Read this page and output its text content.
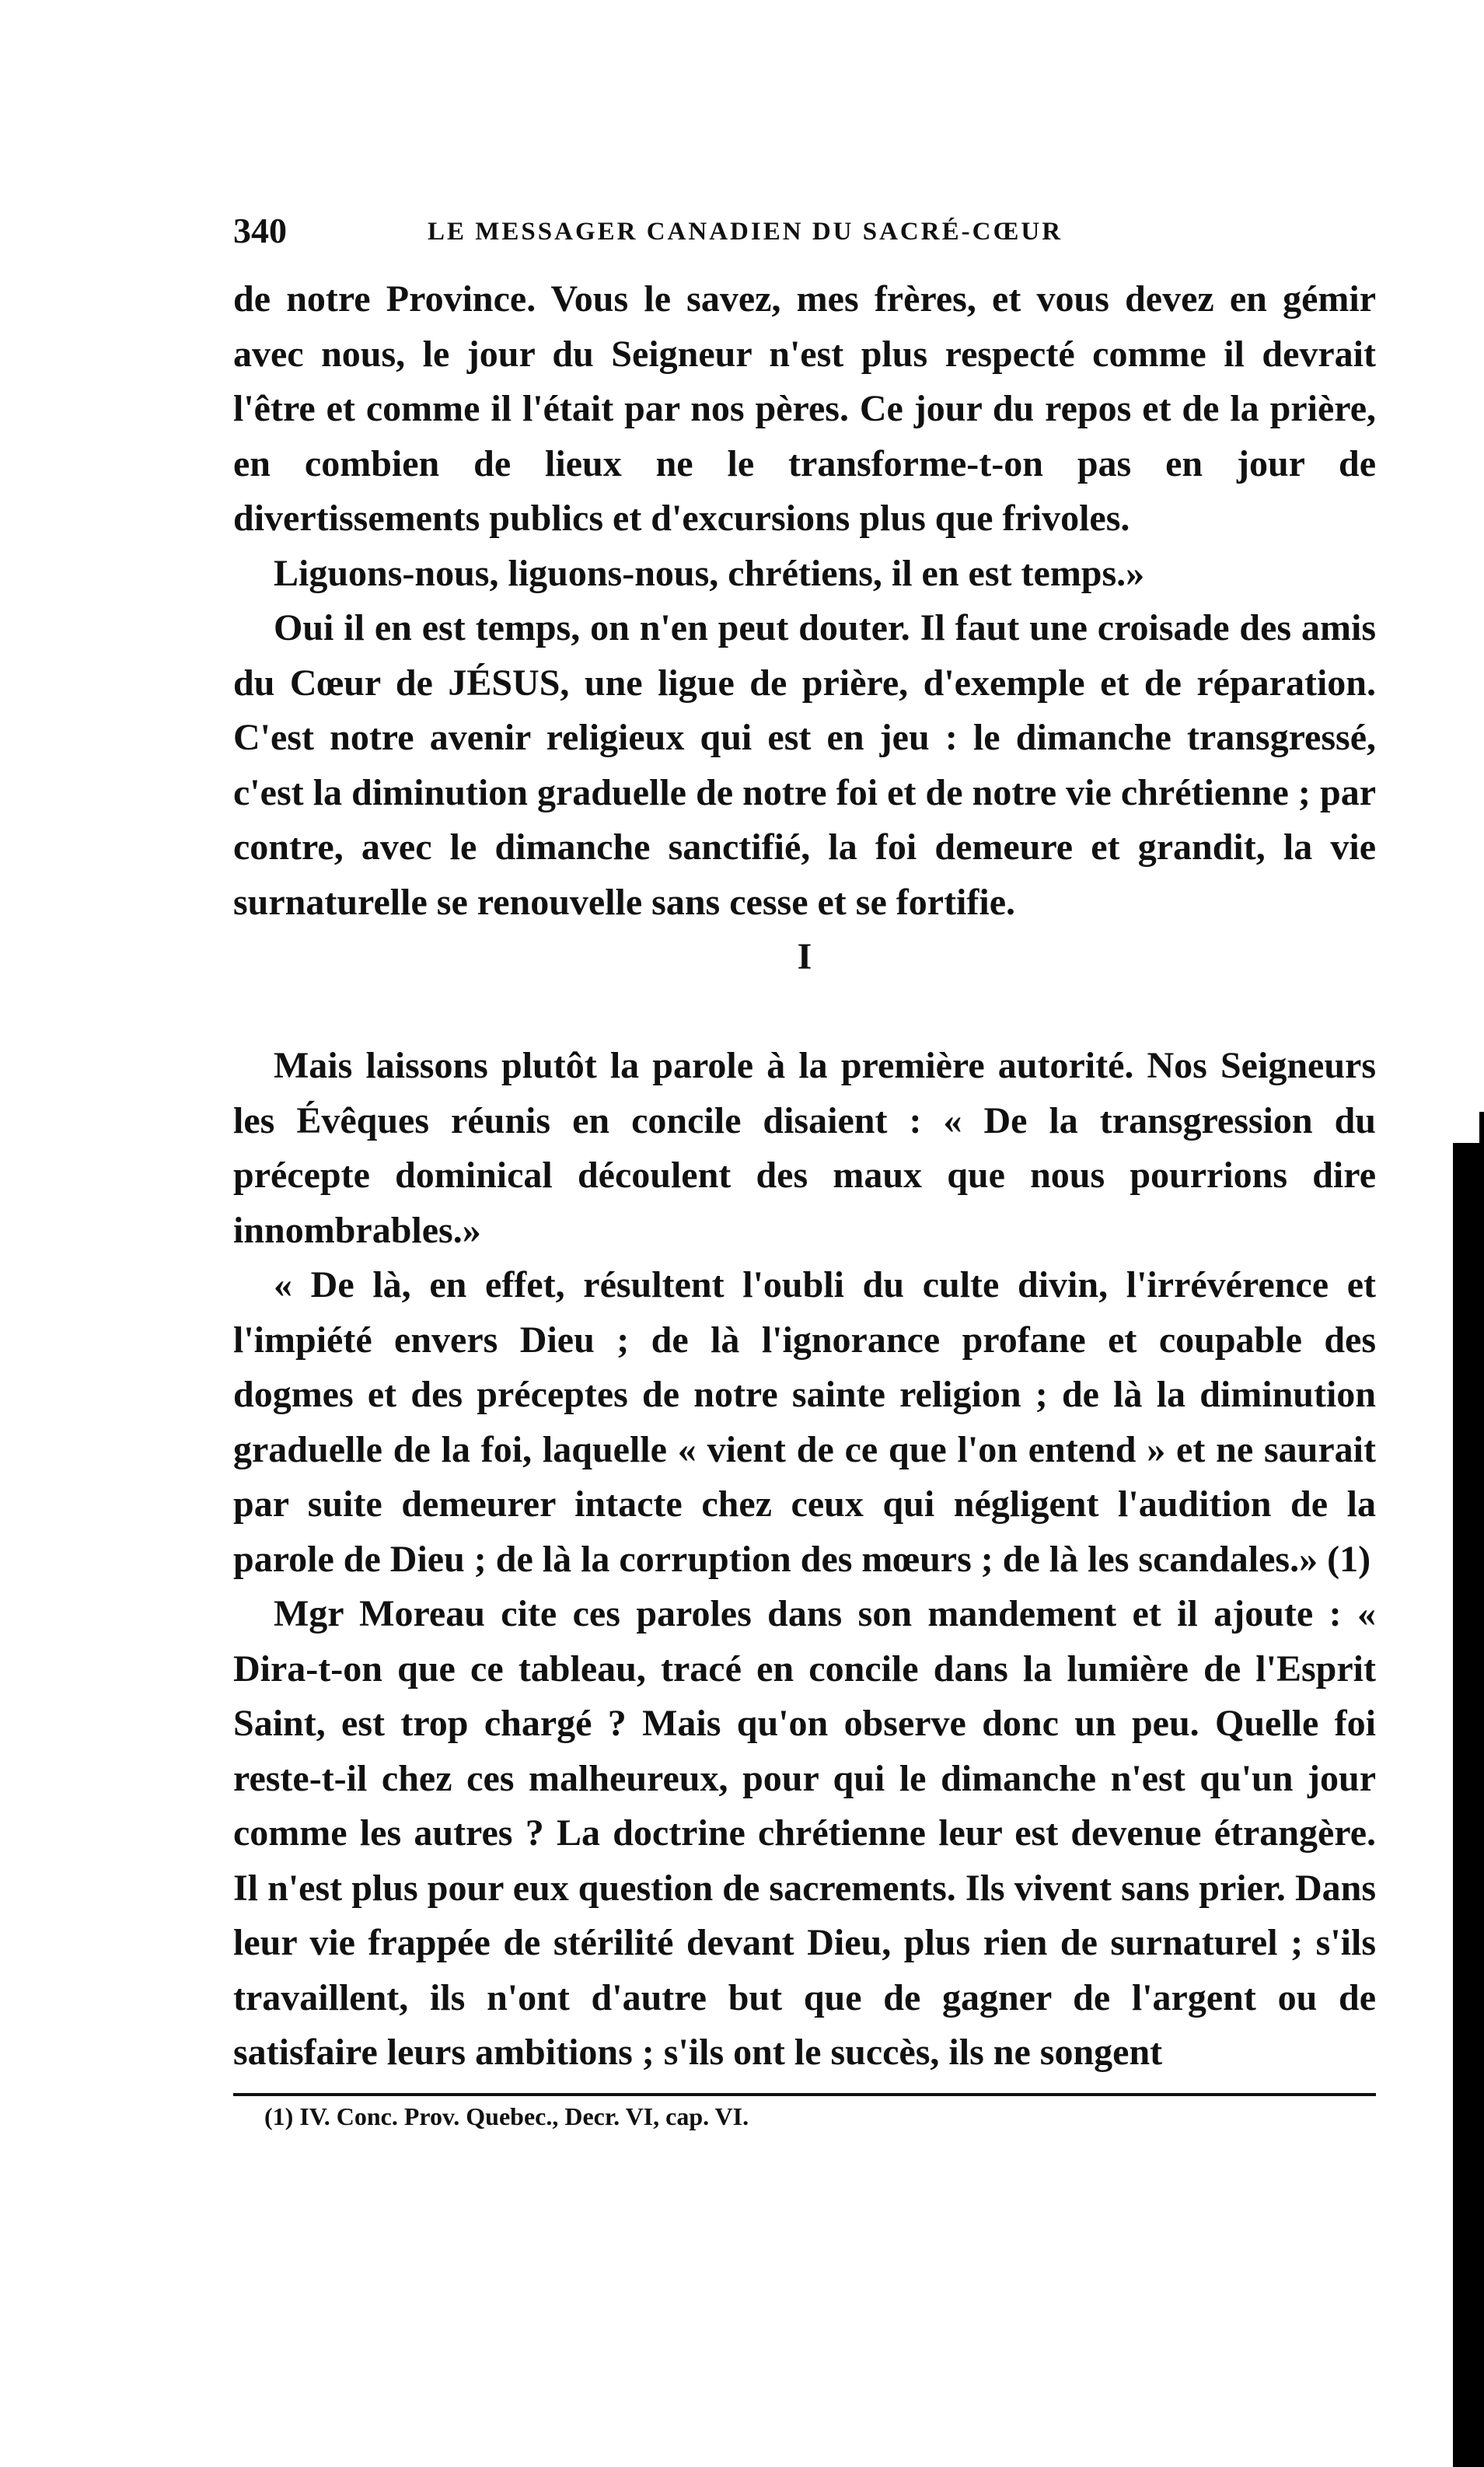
340	LE MESSAGER CANADIEN DU SACRÉ-CŒUR

de notre Province. Vous le savez, mes frères, et vous devez en gémir avec nous, le jour du Seigneur n'est plus respecté comme il devrait l'être et comme il l'était par nos pères. Ce jour du repos et de la prière, en combien de lieux ne le transforme-t-on pas en jour de divertissements publics et d'excursions plus que frivoles.

Liguons-nous, liguons-nous, chrétiens, il en est temps.»

Oui il en est temps, on n'en peut douter. Il faut une croisade des amis du Cœur de JÉSUS, une ligue de prière, d'exemple et de réparation. C'est notre avenir religieux qui est en jeu : le dimanche transgressé, c'est la diminution graduelle de notre foi et de notre vie chrétienne ; par contre, avec le dimanche sanctifié, la foi demeure et grandit, la vie surnaturelle se renouvelle sans cesse et se fortifie.

I

Mais laissons plutôt la parole à la première autorité. Nos Seigneurs les Évêques réunis en concile disaient : « De la transgression du précepte dominical découlent des maux que nous pourrions dire innombrables.»

« De là, en effet, résultent l'oubli du culte divin, l'irrévérence et l'impiété envers Dieu ; de là l'ignorance profane et coupable des dogmes et des préceptes de notre sainte religion ; de là la diminution graduelle de la foi, laquelle « vient de ce que l'on entend » et ne saurait par suite demeurer intacte chez ceux qui négligent l'audition de la parole de Dieu ; de là la corruption des mœurs ; de là les scandales.» (1)

Mgr Moreau cite ces paroles dans son mandement et il ajoute : « Dira-t-on que ce tableau, tracé en concile dans la lumière de l'Esprit Saint, est trop chargé ? Mais qu'on observe donc un peu. Quelle foi reste-t-il chez ces malheureux, pour qui le dimanche n'est qu'un jour comme les autres ? La doctrine chrétienne leur est devenue étrangère. Il n'est plus pour eux question de sacrements. Ils vivent sans prier. Dans leur vie frappée de stérilité devant Dieu, plus rien de surnaturel ; s'ils travaillent, ils n'ont d'autre but que de gagner de l'argent ou de satisfaire leurs ambitions ; s'ils ont le succès, ils ne songent

(1) IV. Conc. Prov. Quebec., Decr. VI, cap. VI.
